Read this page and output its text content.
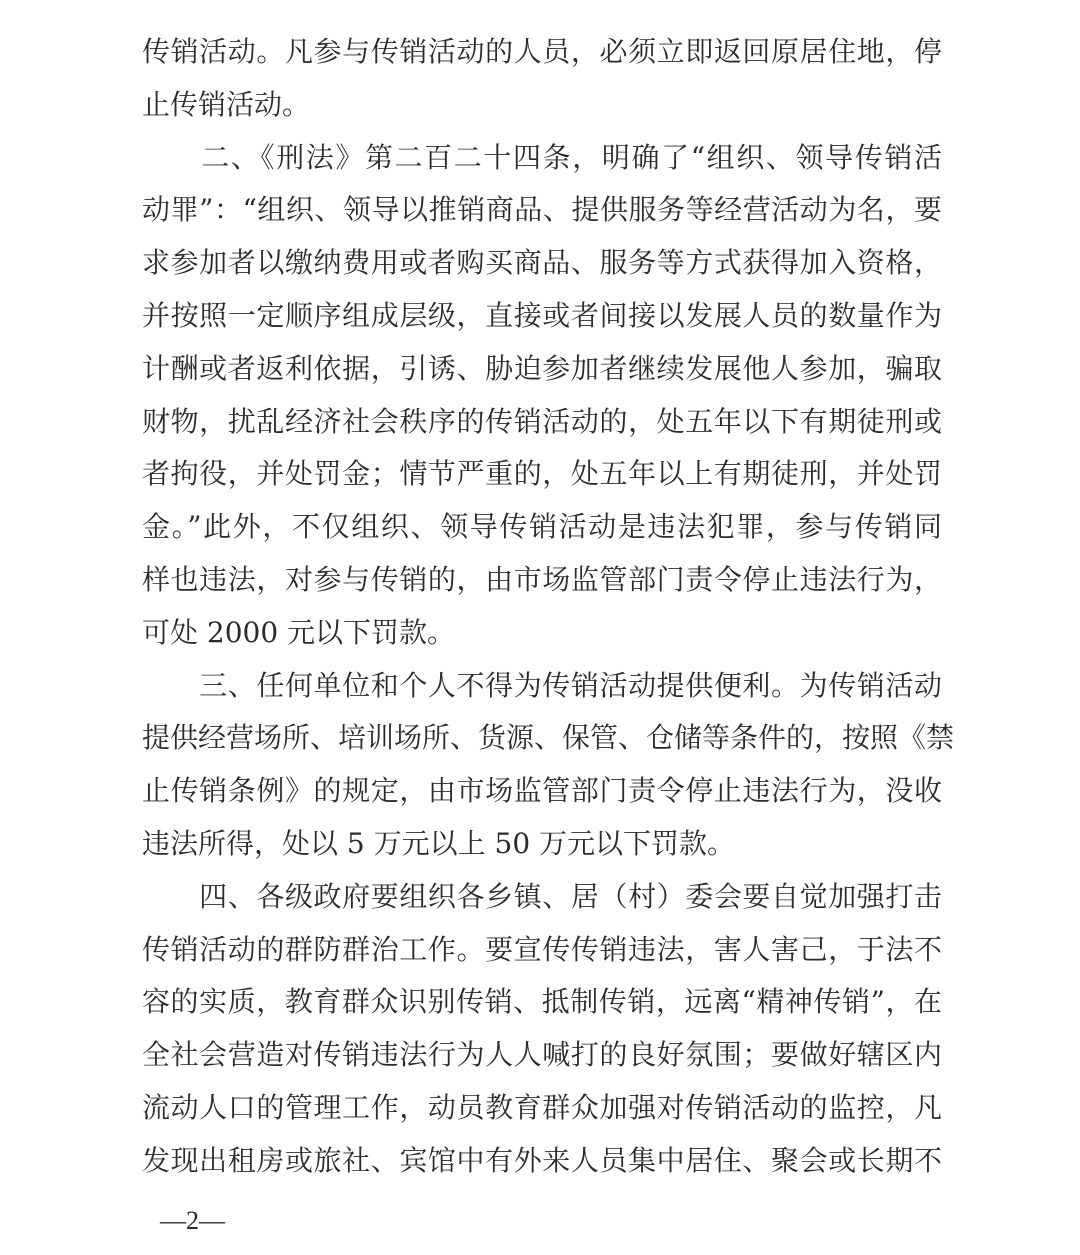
传销活动。凡参与传销活动的人员，必须立即返回原居住地，停
止传销活动。
　　二、《刑法》第二百二十四条，明确了“组织、领导传销活
动罪”：“组织、领导以推销商品、提供服务等经营活动为名，要
求参加者以缴纳费用或者购买商品、服务等方式获得加入资格，
并按照一定顺序组成层级，直接或者间接以发展人员的数量作为
计酬或者返利依据，引诱、胁迫参加者继续发展他人参加，骗取
财物，扰乱经济社会秩序的传销活动的，处五年以下有期徒刑或
者拘役，并处罚金；情节严重的，处五年以上有期徒刑，并处罚
金。”此外，不仅组织、领导传销活动是违法犯罪，参与传销同
样也违法，对参与传销的，由市场监管部门责令停止违法行为，
可处 2000 元以下罚款。
　　三、任何单位和个人不得为传销活动提供便利。为传销活动
提供经营场所、培训场所、货源、保管、仓储等条件的，按照《禁
止传销条例》的规定，由市场监管部门责令停止违法行为，没收
违法所得，处以 5 万元以上 50 万元以下罚款。
　　四、各级政府要组织各乡镇、居（村）委会要自觉加强打击
传销活动的群防群治工作。要宣传传销违法，害人害己，于法不
容的实质，教育群众识别传销、抵制传销，远离“精神传销”，在
全社会营造对传销违法行为人人喊打的良好氛围；要做好辖区内
流动人口的管理工作，动员教育群众加强对传销活动的监控，凡
发现出租房或旅社、宾馆中有外来人员集中居住、聚会或长期不
—2—
